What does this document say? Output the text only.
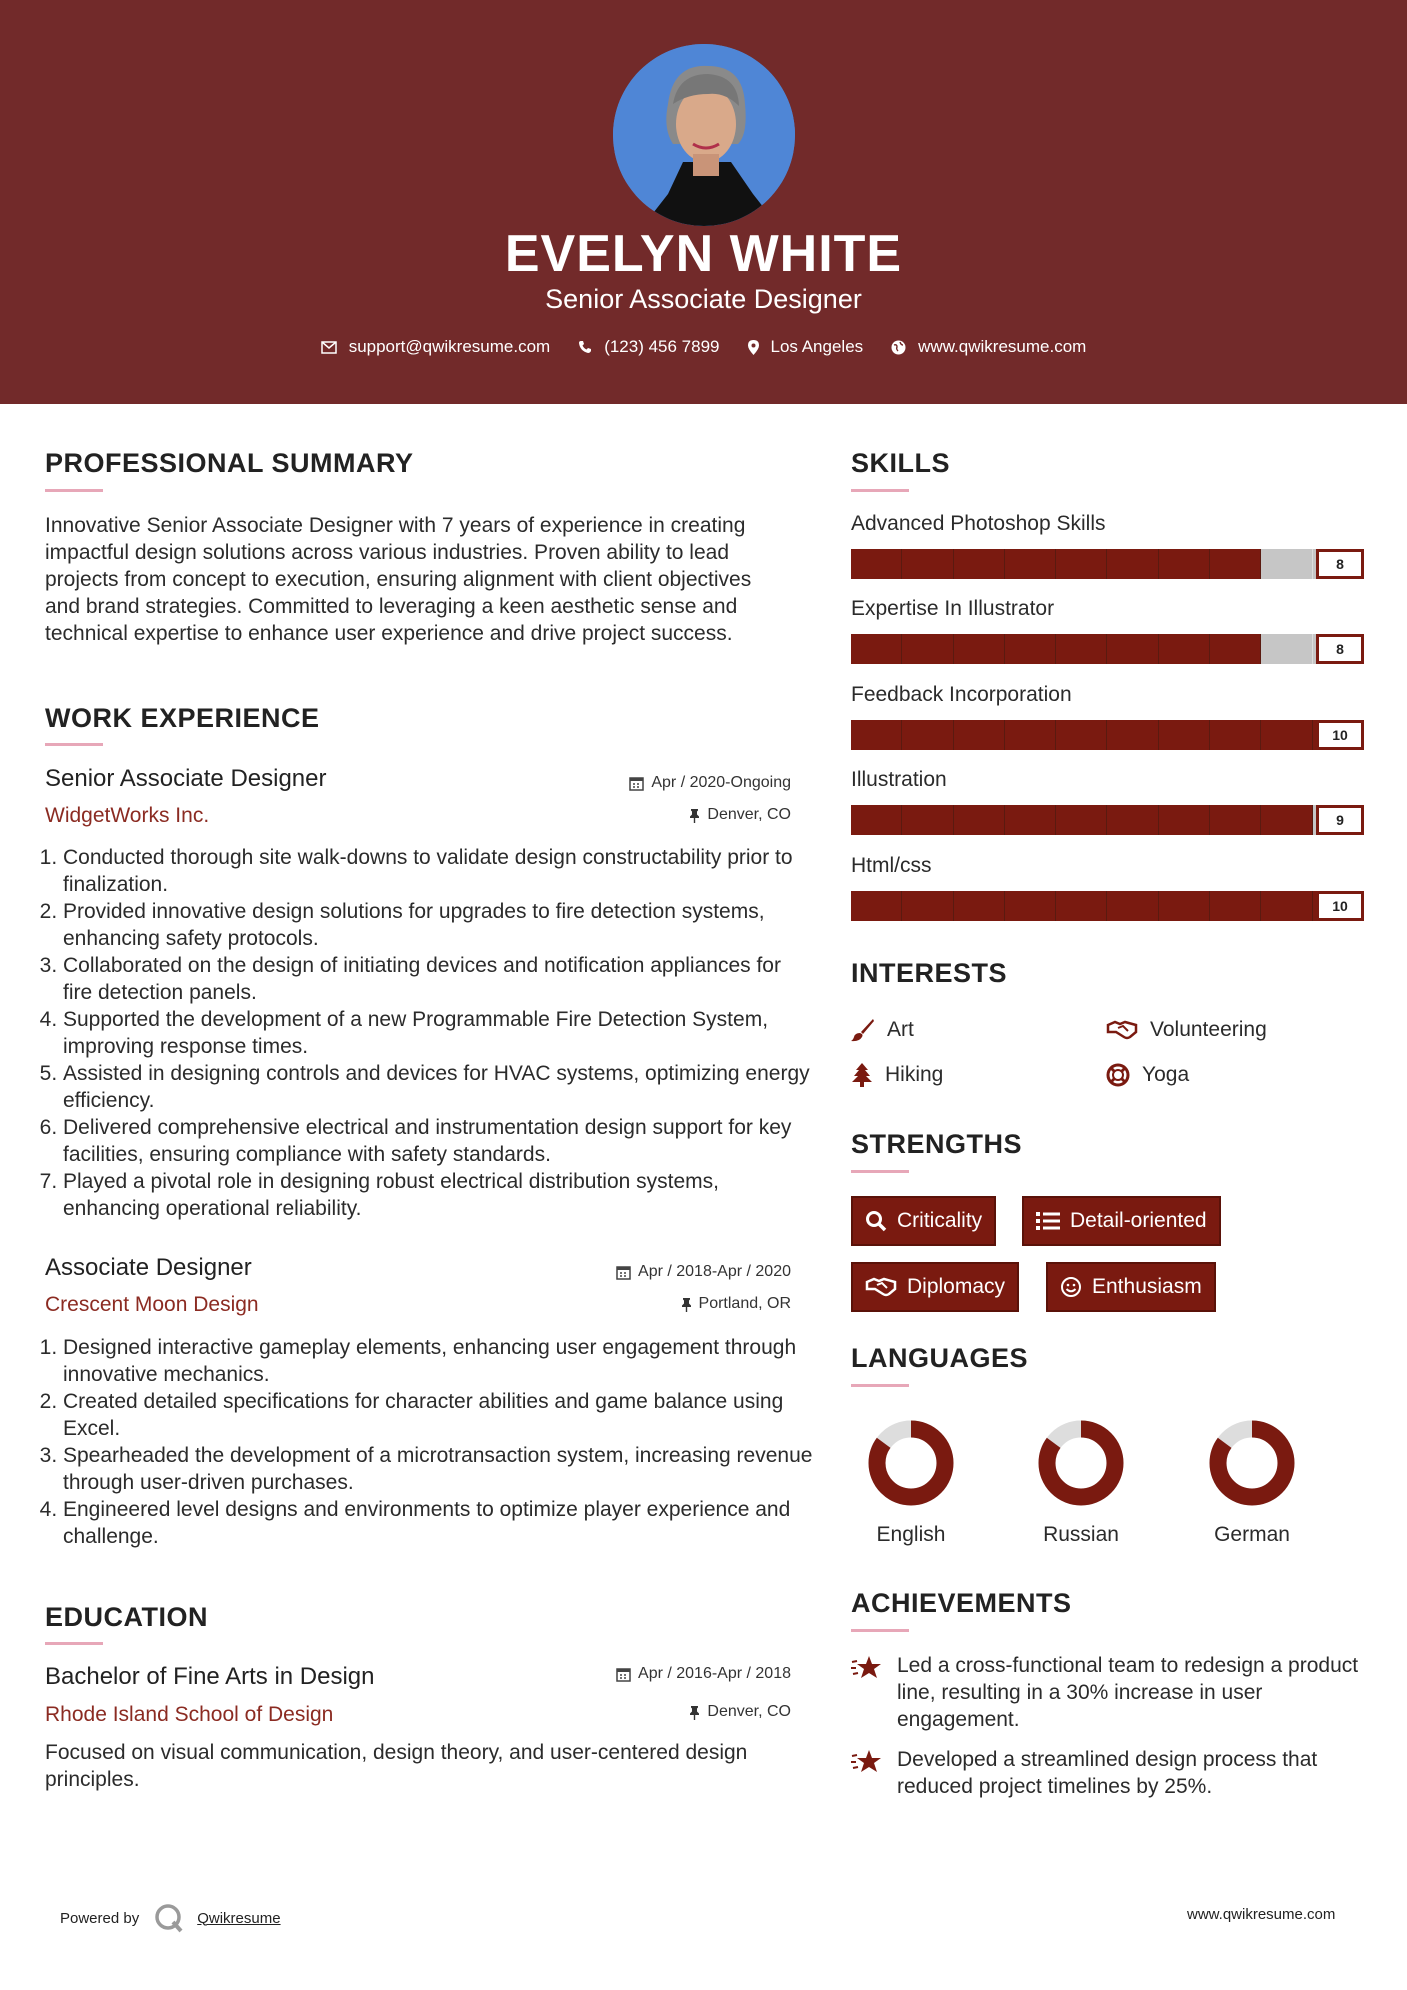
EVELYN WHITE
Senior Associate Designer
support@qwikresume.com	(123) 456 7899	Los Angeles	www.qwikresume.com
PROFESSIONAL SUMMARY
Innovative Senior Associate Designer with 7 years of experience in creating impactful design solutions across various industries. Proven ability to lead projects from concept to execution, ensuring alignment with client objectives and brand strategies. Committed to leveraging a keen aesthetic sense and technical expertise to enhance user experience and drive project success.
WORK EXPERIENCE
Senior Associate Designer	Apr / 2020-Ongoing
WidgetWorks Inc.	Denver, CO
1. Conducted thorough site walk-downs to validate design constructability prior to finalization.
2. Provided innovative design solutions for upgrades to fire detection systems, enhancing safety protocols.
3. Collaborated on the design of initiating devices and notification appliances for fire detection panels.
4. Supported the development of a new Programmable Fire Detection System, improving response times.
5. Assisted in designing controls and devices for HVAC systems, optimizing energy efficiency.
6. Delivered comprehensive electrical and instrumentation design support for key facilities, ensuring compliance with safety standards.
7. Played a pivotal role in designing robust electrical distribution systems, enhancing operational reliability.
Associate Designer	Apr / 2018-Apr / 2020
Crescent Moon Design	Portland, OR
1. Designed interactive gameplay elements, enhancing user engagement through innovative mechanics.
2. Created detailed specifications for character abilities and game balance using Excel.
3. Spearheaded the development of a microtransaction system, increasing revenue through user-driven purchases.
4. Engineered level designs and environments to optimize player experience and challenge.
EDUCATION
Bachelor of Fine Arts in Design	Apr / 2016-Apr / 2018
Rhode Island School of Design	Denver, CO
Focused on visual communication, design theory, and user-centered design principles.
SKILLS
Advanced Photoshop Skills
8
Expertise In Illustrator
8
Feedback Incorporation
10
Illustration
9
Html/css
10
INTERESTS
Art	Volunteering
Hiking	Yoga
STRENGTHS
Criticality	Detail-oriented
Diplomacy	Enthusiasm
LANGUAGES
English	Russian	German
ACHIEVEMENTS
Led a cross-functional team to redesign a product line, resulting in a 30% increase in user engagement.
Developed a streamlined design process that reduced project timelines by 25%.
Powered by	Qwikresume	www.qwikresume.com
